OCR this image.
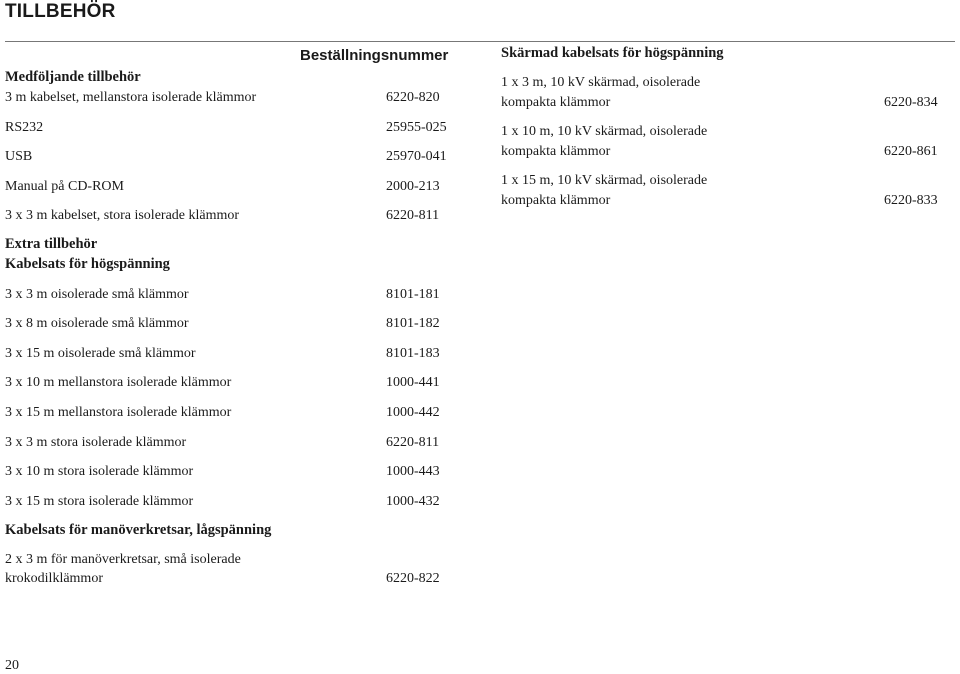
TILLBEHÖR
Beställningsnummer
Medföljande tillbehör
3 m kabelset, mellanstora isolerade klämmor	6220-820
RS232	25955-025
USB	25970-041
Manual på CD-ROM	2000-213
3 x 3 m kabelset, stora isolerade klämmor	6220-811
Extra tillbehör
Kabelsats för högspänning
3 x 3 m oisolerade små klämmor	8101-181
3 x 8 m oisolerade små klämmor	8101-182
3 x 15 m oisolerade små klämmor	8101-183
3 x 10 m mellanstora isolerade klämmor	1000-441
3 x 15 m mellanstora isolerade klämmor	1000-442
3 x 3 m stora isolerade klämmor	6220-811
3 x 10 m stora isolerade klämmor	1000-443
3 x 15 m stora isolerade klämmor	1000-432
Kabelsats för manöverkretsar, lågspänning
2 x 3 m för manöverkretsar, små isolerade
krokodilklämmor	6220-822
Skärmad kabelsats för högspänning
1 x 3 m, 10 kV skärmad, oisolerade
kompakta klämmor	6220-834
1 x 10 m, 10 kV skärmad, oisolerade
kompakta klämmor	6220-861
1 x 15 m, 10 kV skärmad, oisolerade
kompakta klämmor	6220-833
20
